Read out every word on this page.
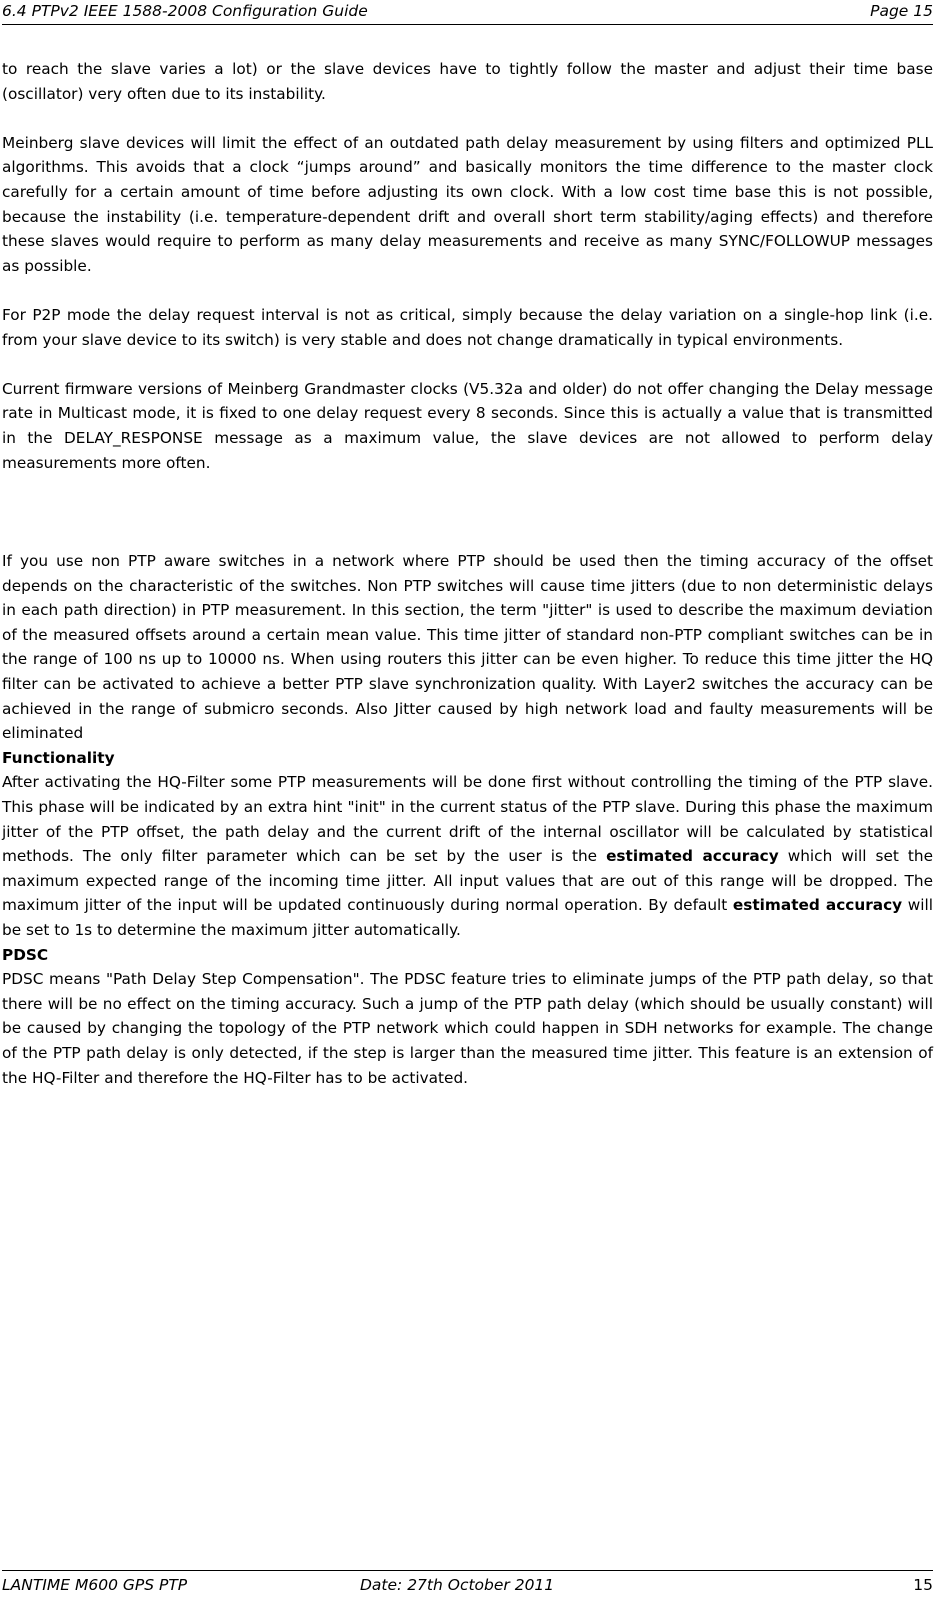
6.4 PTPv2 IEEE 1588-2008 Configuration Guide	Page 15

to reach the slave varies a lot) or the slave devices have to tightly follow the master and adjust their time base (oscillator) very often due to its instability.

Meinberg slave devices will limit the effect of an outdated path delay measurement by using filters and optimized PLL algorithms. This avoids that a clock “jumps around” and basically monitors the time difference to the master clock carefully for a certain amount of time before adjusting its own clock. With a low cost time base this is not possible, because the instability (i.e. temperature-dependent drift and overall short term stability/aging effects) and therefore these slaves would require to perform as many delay measurements and receive as many SYNC/FOLLOWUP messages as possible.

For P2P mode the delay request interval is not as critical, simply because the delay variation on a single-hop link (i.e. from your slave device to its switch) is very stable and does not change dramatically in typical environments.

Current firmware versions of Meinberg Grandmaster clocks (V5.32a and older) do not offer changing the Delay message rate in Multicast mode, it is fixed to one delay request every 8 seconds. Since this is actually a value that is transmitted in the DELAY_RESPONSE message as a maximum value, the slave devices are not allowed to perform delay measurements more often.

If you use non PTP aware switches in a network where PTP should be used then the timing accuracy of the offset depends on the characteristic of the switches. Non PTP switches will cause time jitters (due to non deterministic delays in each path direction) in PTP measurement. In this section, the term "jitter" is used to describe the maximum deviation of the measured offsets around a certain mean value. This time jitter of standard non-PTP compliant switches can be in the range of 100 ns up to 10000 ns. When using routers this jitter can be even higher. To reduce this time jitter the HQ filter can be activated to achieve a better PTP slave synchronization quality. With Layer2 switches the accuracy can be achieved in the range of submicro seconds. Also Jitter caused by high network load and faulty measurements will be eliminated

Functionality

After activating the HQ-Filter some PTP measurements will be done first without controlling the timing of the PTP slave. This phase will be indicated by an extra hint "init" in the current status of the PTP slave. During this phase the maximum jitter of the PTP offset, the path delay and the current drift of the internal oscillator will be calculated by statistical methods. The only filter parameter which can be set by the user is the estimated accuracy which will set the maximum expected range of the incoming time jitter. All input values that are out of this range will be dropped. The maximum jitter of the input will be updated continuously during normal operation. By default estimated accuracy will be set to 1s to determine the maximum jitter automatically.

PDSC

PDSC means "Path Delay Step Compensation". The PDSC feature tries to eliminate jumps of the PTP path delay, so that there will be no effect on the timing accuracy. Such a jump of the PTP path delay (which should be usually constant) will be caused by changing the topology of the PTP network which could happen in SDH networks for example. The change of the PTP path delay is only detected, if the step is larger than the measured time jitter. This feature is an extension of the HQ-Filter and therefore the HQ-Filter has to be activated.

LANTIME M600 GPS PTP	Date: 27th October 2011	15
